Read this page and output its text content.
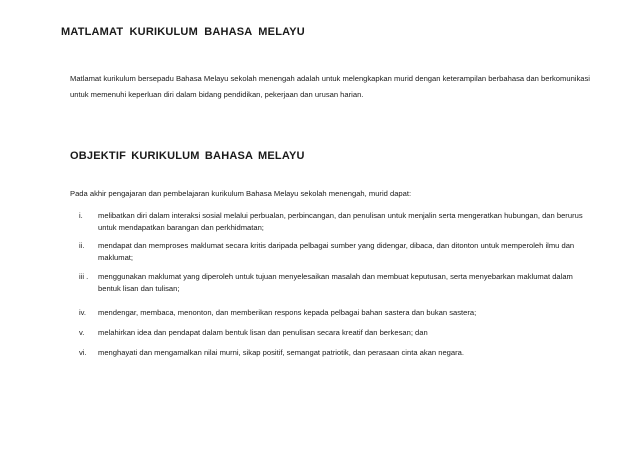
MATLAMAT KURIKULUM BAHASA MELAYU
Matlamat kurikulum bersepadu Bahasa Melayu sekolah menengah adalah untuk melengkapkan murid dengan keterampilan berbahasa dan berkomunikasi untuk memenuhi keperluan diri dalam bidang pendidikan, pekerjaan dan urusan harian.
OBJEKTIF KURIKULUM BAHASA MELAYU
Pada akhir pengajaran dan pembelajaran kurikulum Bahasa Melayu sekolah menengah, murid dapat:
i.	melibatkan diri dalam interaksi sosial melalui perbualan, perbincangan, dan penulisan untuk menjalin serta mengeratkan hubungan, dan berurus untuk mendapatkan barangan dan perkhidmatan;
ii.	mendapat dan memproses maklumat secara kritis daripada pelbagai sumber yang didengar, dibaca, dan ditonton untuk memperoleh ilmu dan maklumat;
iii .	menggunakan maklumat yang diperoleh untuk tujuan menyelesaikan masalah dan membuat keputusan, serta menyebarkan maklumat dalam bentuk lisan dan tulisan;
iv.	mendengar, membaca, menonton, dan memberikan respons kepada pelbagai bahan sastera dan bukan sastera;
v.	melahirkan idea dan pendapat dalam bentuk lisan dan penulisan secara kreatif dan berkesan; dan
vi.	menghayati dan mengamalkan nilai murni, sikap positif, semangat patriotik, dan perasaan cinta akan negara.
